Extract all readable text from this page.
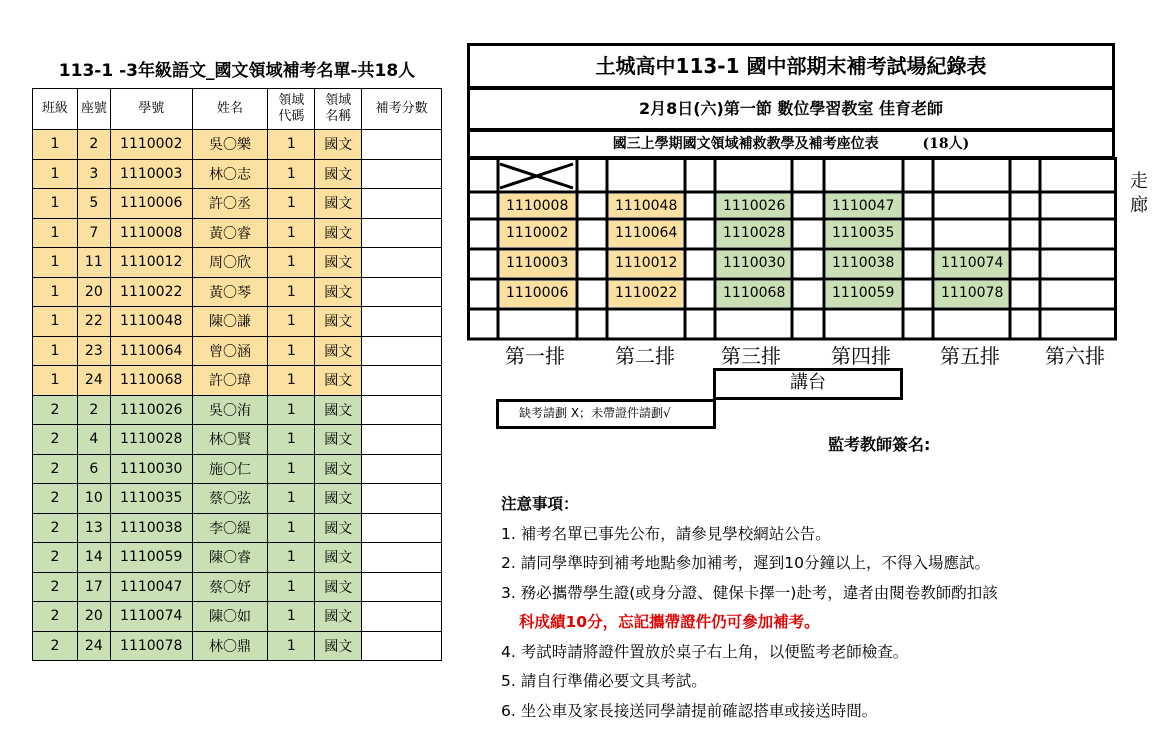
113-1 -3年級語文_國文領域補考名單-共18人
班級	座號	學號	姓名	領域代碼	領域名稱	補考分數
1	2	1110002	吳〇樂	1	國文	
1	3	1110003	林〇志	1	國文	
1	5	1110006	許〇丞	1	國文	
1	7	1110008	黃〇睿	1	國文	
1	11	1110012	周〇欣	1	國文	
1	20	1110022	黃〇琴	1	國文	
1	22	1110048	陳〇謙	1	國文	
1	23	1110064	曾〇涵	1	國文	
1	24	1110068	許〇瑋	1	國文	
2	2	1110026	吳〇洧	1	國文	
2	4	1110028	林〇賢	1	國文	
2	6	1110030	施〇仁	1	國文	
2	10	1110035	蔡〇弦	1	國文	
2	13	1110038	李〇緹	1	國文	
2	14	1110059	陳〇睿	1	國文	
2	17	1110047	蔡〇妤	1	國文	
2	20	1110074	陳〇如	1	國文	
2	24	1110078	林〇鼎	1	國文	
土城高中113-1 國中部期末補考試場紀錄表
2月8日(六)第一節 數位學習教室 佳育老師
國三上學期國文領域補救教學及補考座位表         (18人)
1110008	1110048	1110026	1110047
1110002	1110064	1110028	1110035
1110003	1110012	1110030	1110038	1110074
1110006	1110022	1110068	1110059	1110078
第一排	第二排 第三排	第四排 第五排 第六排
講台
缺考請劃 X；未帶證件請劃√
走
廊
監考教師簽名:
注意事項：
1. 補考名單已事先公布，請參見學校網站公告。
2. 請同學準時到補考地點參加補考，遲到10分鐘以上，不得入場應試。
3. 務必攜帶學生證(或身分證、健保卡擇一)赴考，違者由閱卷教師酌扣該
科成績10分，忘記攜帶證件仍可參加補考。
4. 考試時請將證件置放於桌子右上角，以便監考老師檢查。
5. 請自行準備必要文具考試。
6. 坐公車及家長接送同學請提前確認搭車或接送時間。
